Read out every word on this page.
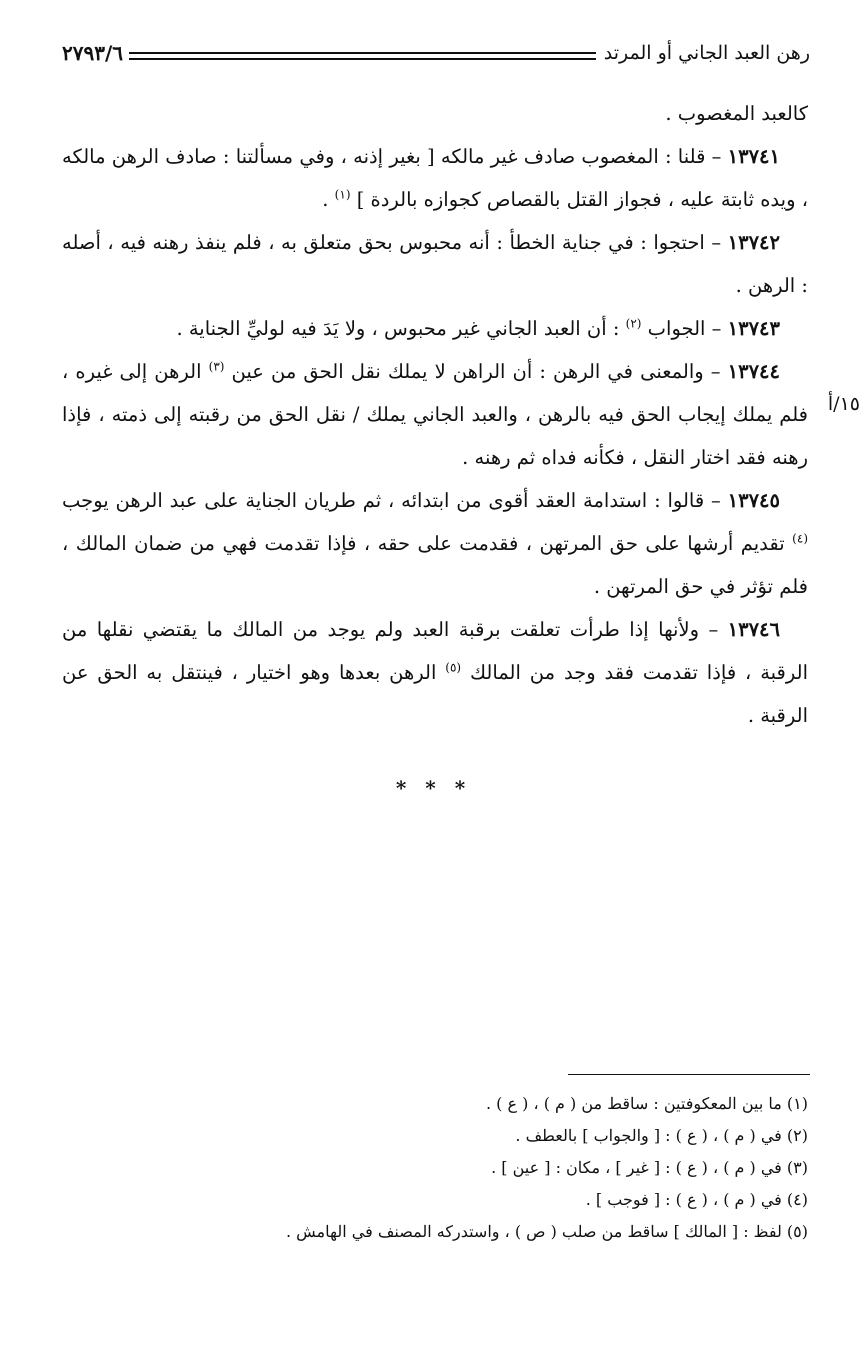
رهن العبد الجاني أو المرتد
٢٧٩٣/٦

كالعبد المغصوب .

١٣٧٤١ – قلنا : المغصوب صادف غير مالكه [ بغير إذنه ، وفي مسألتنا : صادف الرهن مالكه ، ويده ثابتة عليه ، فجواز القتل بالقصاص كجوازه بالردة ] $^{(١)}$ .

١٣٧٤٢ – احتجوا : في جناية الخطأ : أنه محبوس بحق متعلق به ، فلم ينفذ رهنه فيه ، أصله : الرهن .

١٣٧٤٣ – الجواب $^{(٢)}$ : أن العبد الجاني غير محبوس ، ولا يَدَ فيه لوليِّ الجناية .

١٣٧٤٤ – والمعنى في الرهن : أن الراهن لا يملك نقل الحق من عين $^{(٣)}$ الرهن إلى غيره ، فلم يملك إيجاب الحق فيه بالرهن ، والعبد الجاني يملك / نقل الحق من رقبته إلى ذمته ، فإذا رهنه فقد اختار النقل ، فكأنه فداه ثم رهنه .

١٣٧٤٥ – قالوا : استدامة العقد أقوى من ابتدائه ، ثم طريان الجناية على عبد الرهن يوجب $^{(٤)}$ تقديم أرشها على حق المرتهن ، فقدمت على حقه ، فإذا تقدمت فهي من ضمان المالك ، فلم تؤثر في حق المرتهن .

١٣٧٤٦ – ولأنها إذا طرأت تعلقت برقبة العبد ولم يوجد من المالك ما يقتضي نقلها من الرقبة ، فإذا تقدمت فقد وجد من المالك $^{(٥)}$ الرهن بعدها وهو اختيار ، فينتقل به الحق عن الرقبة .

١٥/أ
* * *

(١) ما بين المعكوفتين : ساقط من ( م ) ، ( ع ) .

(٢) في ( م ) ، ( ع ) : [ والجواب ] بالعطف .

(٣) في ( م ) ، ( ع ) : [ غير ] ، مكان : [ عين ] .

(٤) في ( م ) ، ( ع ) : [ فوجب ] .

(٥) لفظ : [ المالك ] ساقط من صلب ( ص ) ، واستدركه المصنف في الهامش .
